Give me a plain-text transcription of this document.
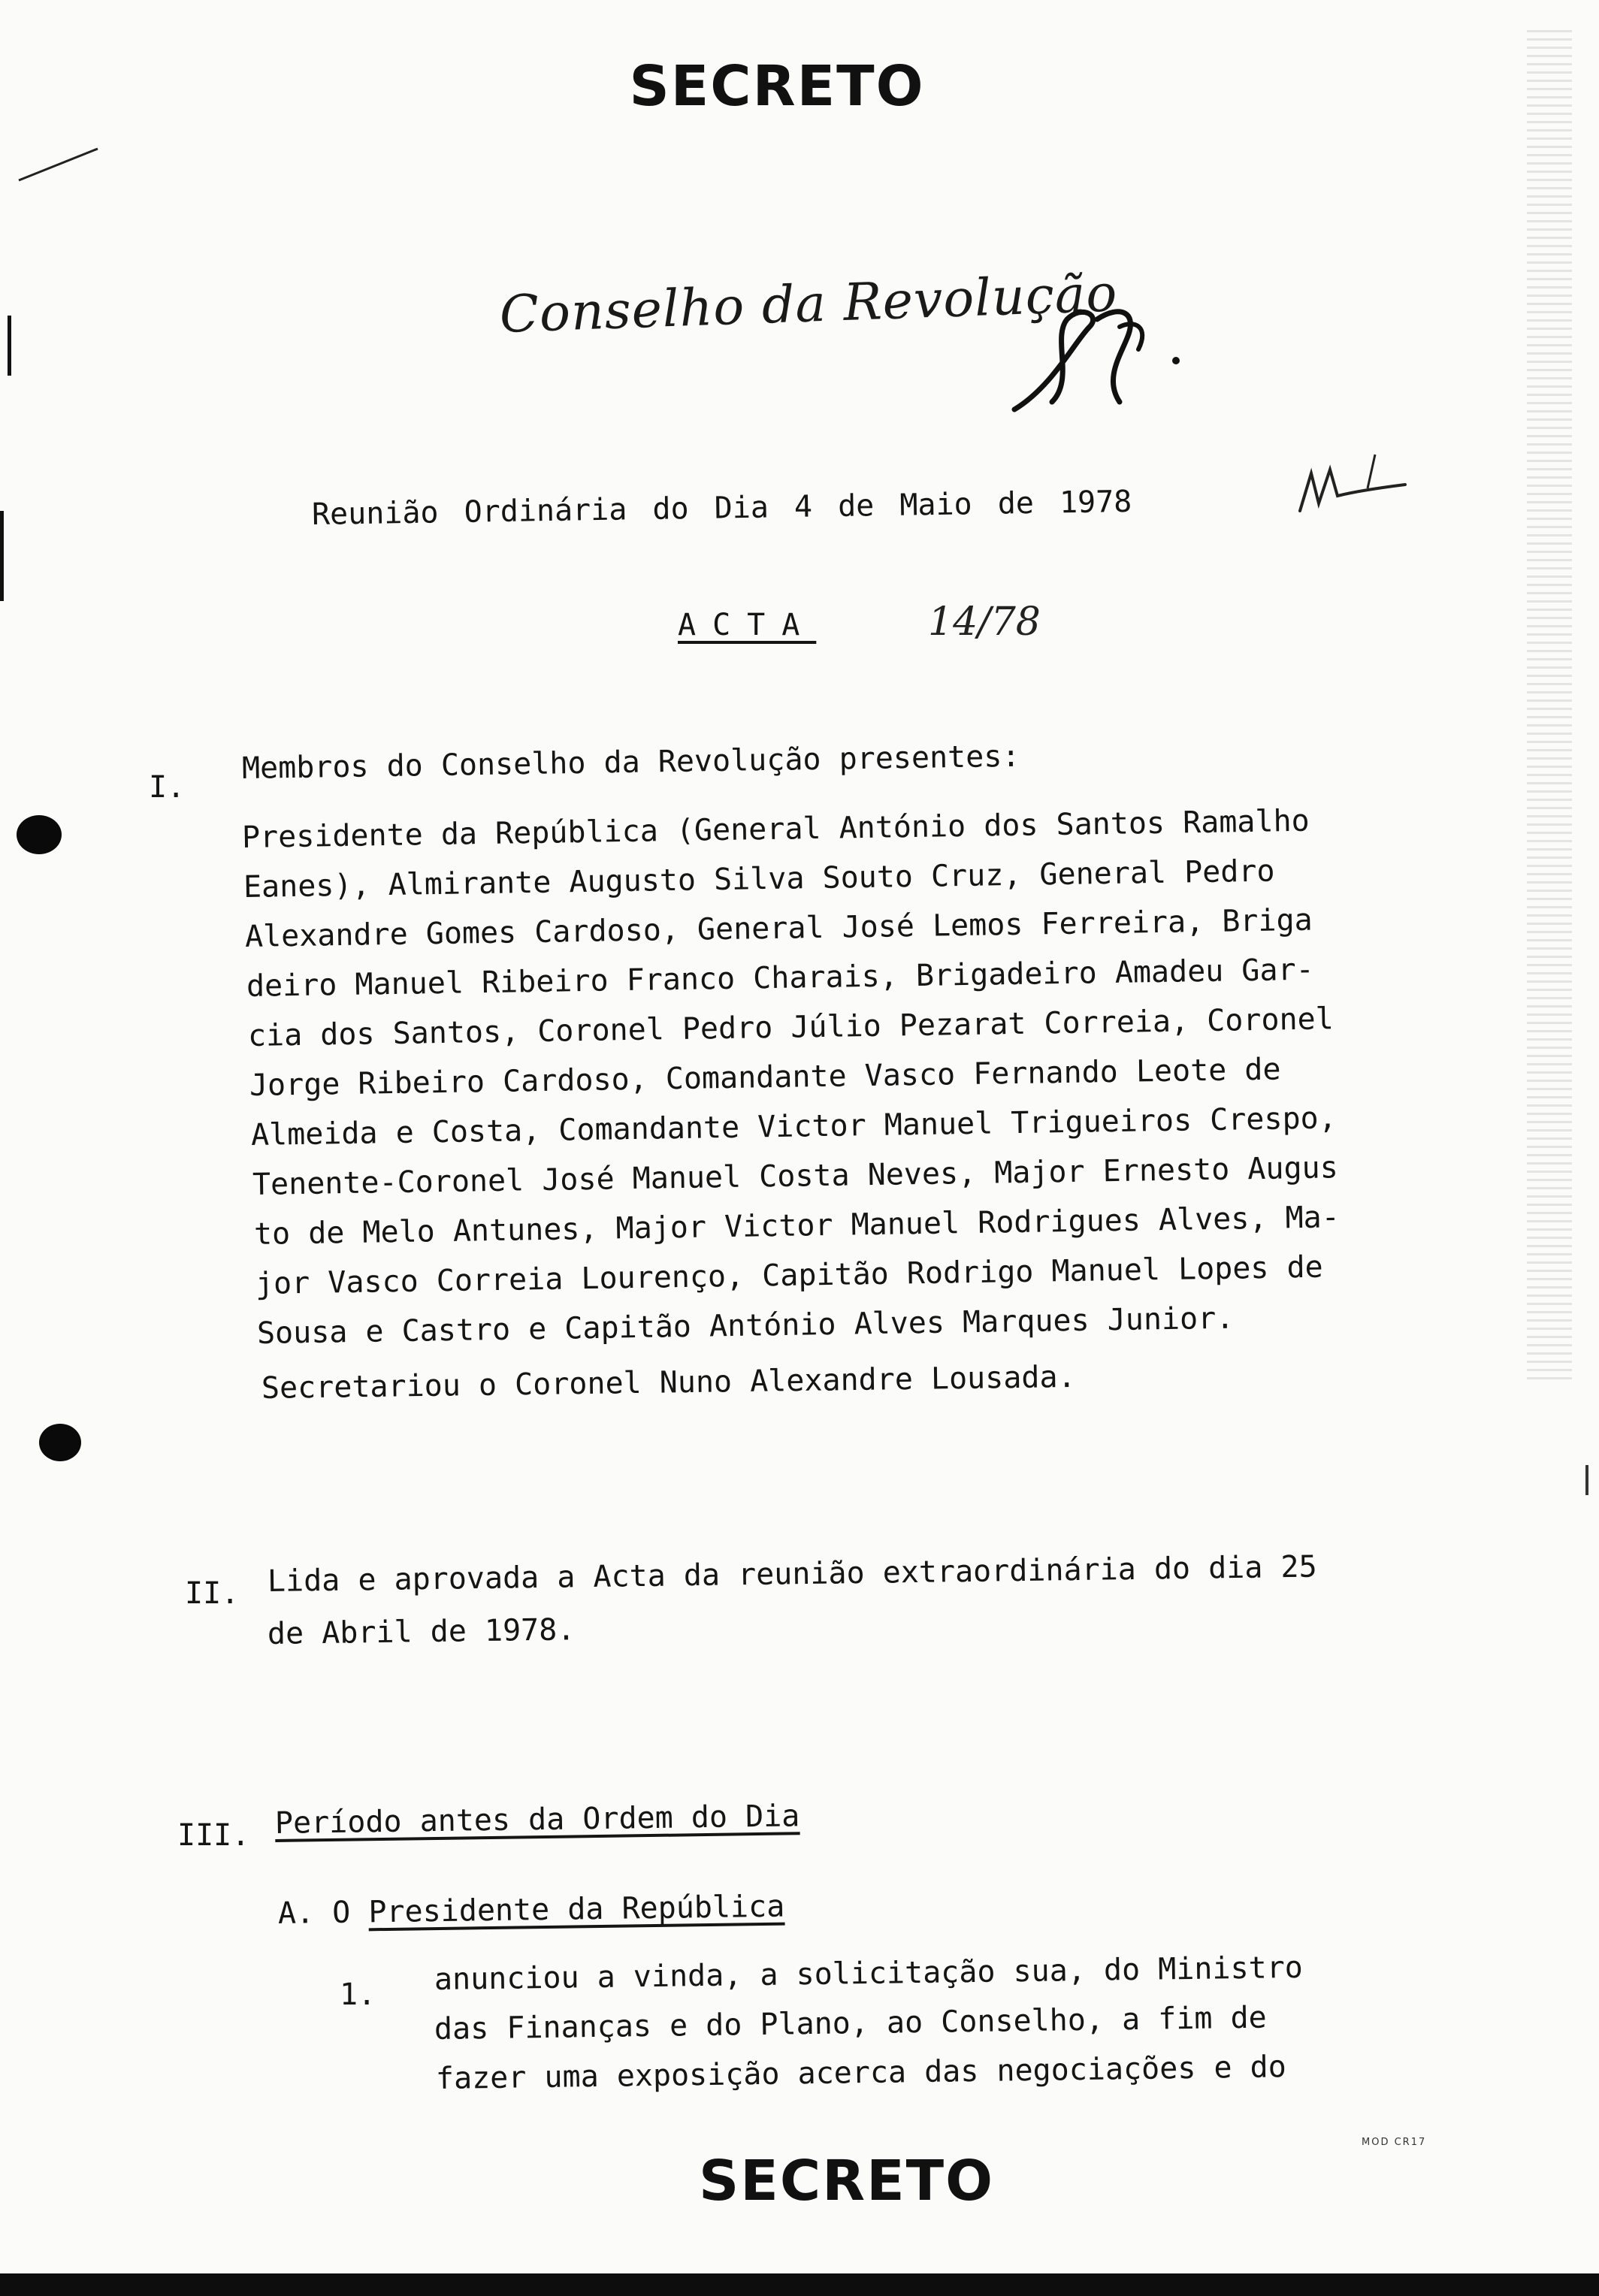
SECRETO
Conselho da Revolução
Reunião Ordinária do Dia 4 de Maio de 1978
ACTA	14/78
I.
Membros do Conselho da Revolução presentes:
Presidente da República (General António dos Santos Ramalho
Eanes), Almirante Augusto Silva Souto Cruz, General Pedro
Alexandre Gomes Cardoso, General José Lemos Ferreira, Briga
deiro Manuel Ribeiro Franco Charais, Brigadeiro Amadeu Gar-
cia dos Santos, Coronel Pedro Júlio Pezarat Correia, Coronel
Jorge Ribeiro Cardoso, Comandante Vasco Fernando Leote de
Almeida e Costa, Comandante Victor Manuel Trigueiros Crespo,
Tenente-Coronel José Manuel Costa Neves, Major Ernesto Augus
to de Melo Antunes, Major Victor Manuel Rodrigues Alves, Ma-
jor Vasco Correia Lourenço, Capitão Rodrigo Manuel Lopes de
Sousa e Castro e Capitão António Alves Marques Junior.
Secretariou o Coronel Nuno Alexandre Lousada.
II. Lida e aprovada a Acta da reunião extraordinária do dia 25
de Abril de 1978.
III. Período antes da Ordem do Dia
A. O Presidente da República
1. anunciou a vinda, a solicitação sua, do Ministro
das Finanças e do Plano, ao Conselho, a fim de
fazer uma exposição acerca das negociações e do
SECRETO
MOD CR17
